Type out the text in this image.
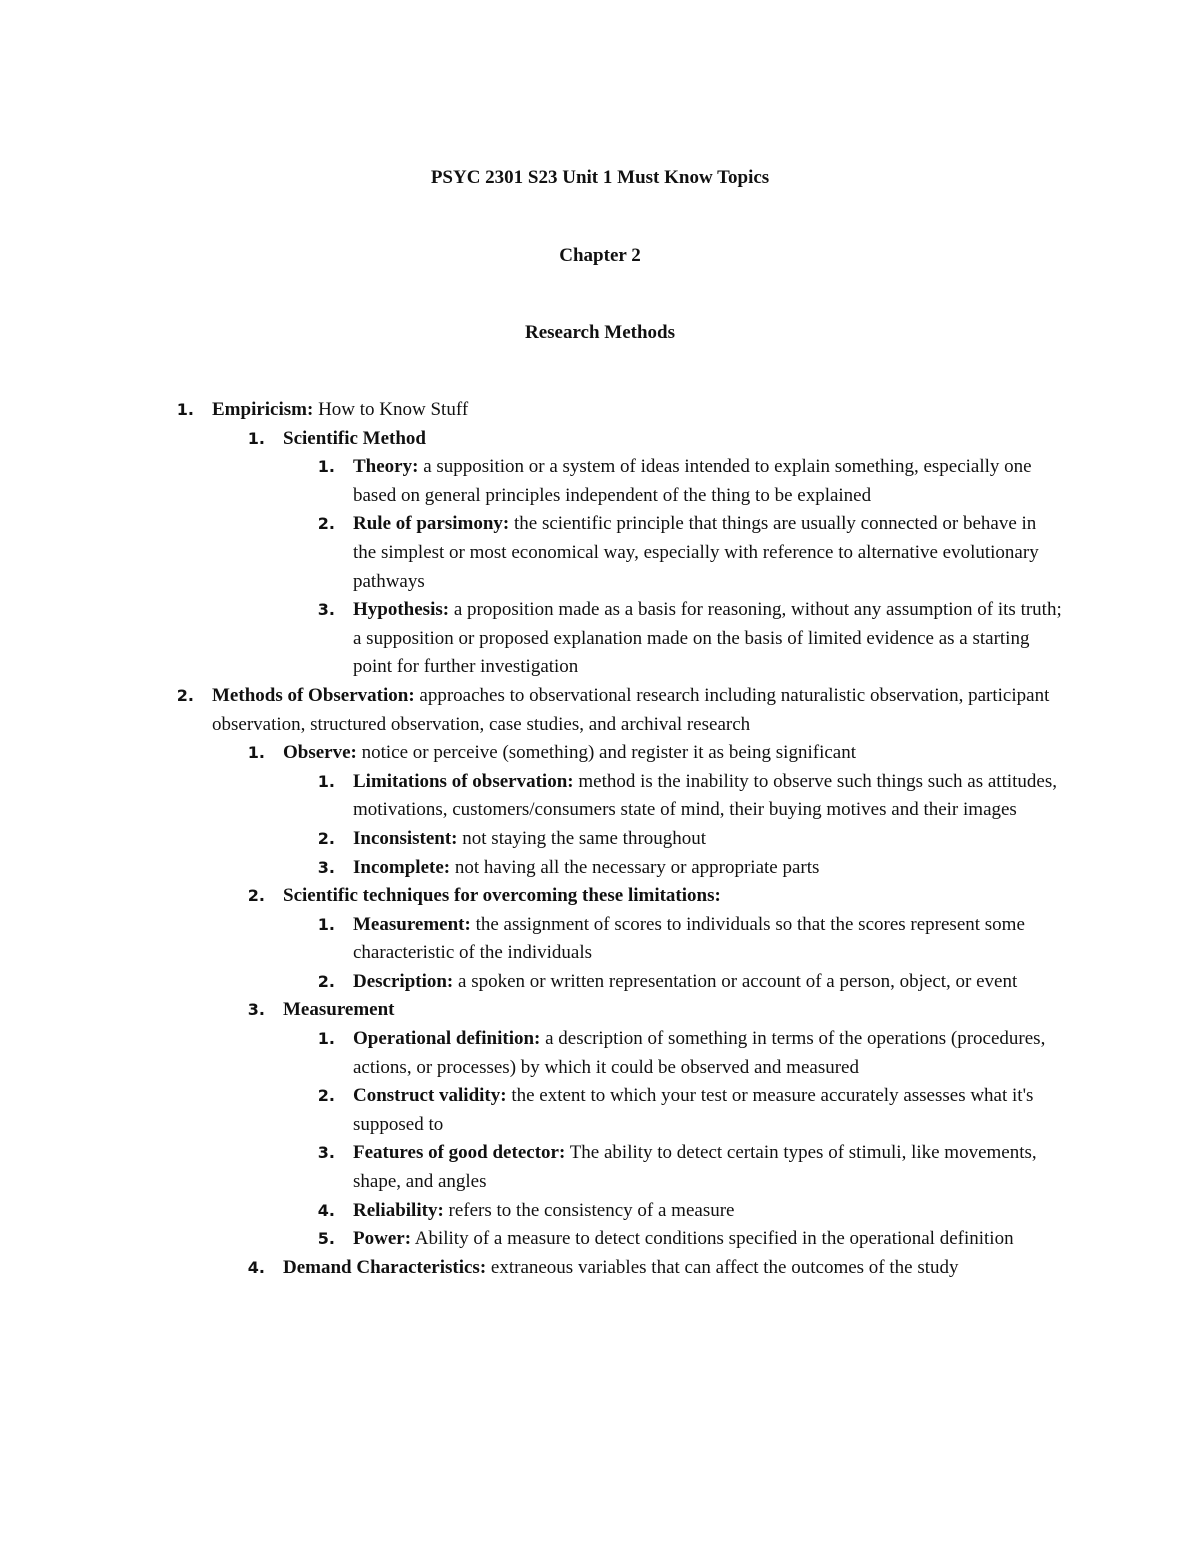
PSYC 2301 S23 Unit 1 Must Know Topics
Chapter 2
Research Methods
1. Empiricism: How to Know Stuff
1. Scientific Method
1. Theory: a supposition or a system of ideas intended to explain something, especially one based on general principles independent of the thing to be explained
2. Rule of parsimony: the scientific principle that things are usually connected or behave in the simplest or most economical way, especially with reference to alternative evolutionary pathways
3. Hypothesis: a proposition made as a basis for reasoning, without any assumption of its truth; a supposition or proposed explanation made on the basis of limited evidence as a starting point for further investigation
2. Methods of Observation: approaches to observational research including naturalistic observation, participant observation, structured observation, case studies, and archival research
1. Observe: notice or perceive (something) and register it as being significant
1. Limitations of observation: method is the inability to observe such things such as attitudes, motivations, customers/consumers state of mind, their buying motives and their images
2. Inconsistent: not staying the same throughout
3. Incomplete: not having all the necessary or appropriate parts
2. Scientific techniques for overcoming these limitations:
1. Measurement: the assignment of scores to individuals so that the scores represent some characteristic of the individuals
2. Description: a spoken or written representation or account of a person, object, or event
3. Measurement
1. Operational definition: a description of something in terms of the operations (procedures, actions, or processes) by which it could be observed and measured
2. Construct validity: the extent to which your test or measure accurately assesses what it's supposed to
3. Features of good detector: The ability to detect certain types of stimuli, like movements, shape, and angles
4. Reliability: refers to the consistency of a measure
5. Power: Ability of a measure to detect conditions specified in the operational definition
4. Demand Characteristics: extraneous variables that can affect the outcomes of the study
